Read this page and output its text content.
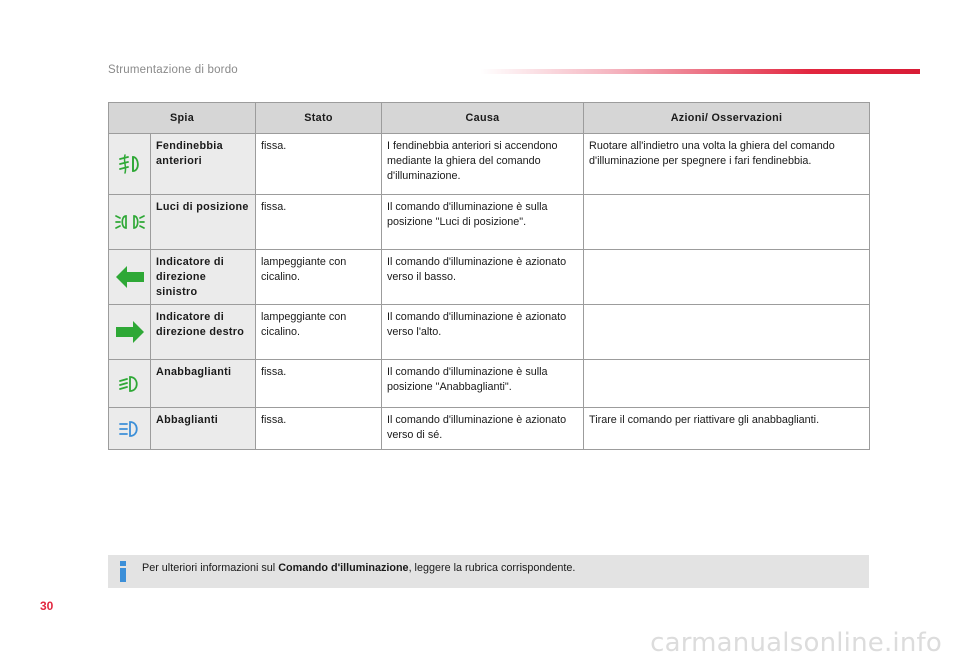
Strumentazione di bordo
Spia		Stato	Causa	Azioni/ Osservazioni
	Fendinebbia anteriori	fissa.	I fendinebbia anteriori si accendono mediante la ghiera del comando d'illuminazione.	Ruotare all'indietro una volta la ghiera del comando d'illuminazione per spegnere i fari fendinebbia.
	Luci di posizione	fissa.	Il comando d'illuminazione è sulla posizione "Luci di posizione".	
	Indicatore di direzione sinistro	lampeggiante con cicalino.	Il comando d'illuminazione è azionato verso il basso.	
	Indicatore di direzione destro	lampeggiante con cicalino.	Il comando d'illuminazione è azionato verso l'alto.	
	Anabbaglianti	fissa.	Il comando d'illuminazione è sulla posizione "Anabbaglianti".	
	Abbaglianti	fissa.	Il comando d'illuminazione è azionato verso di sé.	Tirare il comando per riattivare gli anabbaglianti.
Per ulteriori informazioni sul Comando d'illuminazione, leggere la rubrica corrispondente.
30
carmanualsonline.info
